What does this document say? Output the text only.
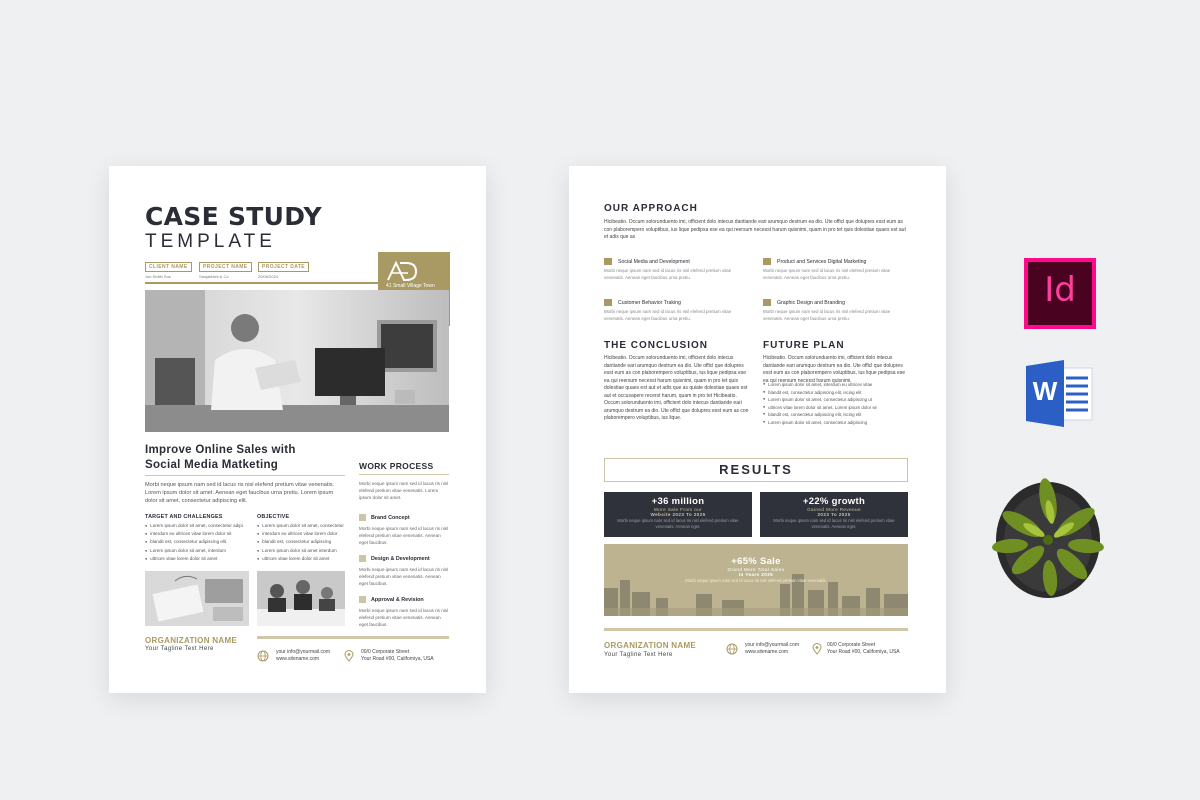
CASE STUDY
TEMPLATE
CLIENT NAME
Jon Smith Sus
PROJECT NAME
Sanjakhkhl & Co
PROJECT DATE
20/06/2024
41 Small Village Town
Improve Online Sales with
Social Media Matketing
Morbi neque ipsum nam sed id lacus ris nisl elefend pretium vitae venenatis. Lorem ipsum dolor sit amet. Aenean eget faucibus urna pretiu. Lorem ipsum dolor sit amet, consectetur adipiscing elit.
TARGET AND CHALLENGES
● Lorem ipsum dolor sit amet, consectetur adipi
● interdum eu ultrices vitae lorem dolor sit
● blandit est, consectetur adipiscing elit
● Lorem ipsum dolor sit amet, interdum
● ultrices vitae lorem dolor sit amet
OBJECTIVE
● Lorem ipsum dolor sit amet, consectetur
● interdum eu ultrices vitae lorem dolor
● blandit est, consectetur adipiscing
● Lorem ipsum dolor sit amet interdum
● ultrices vitae lorem dolor sit amet
WORK PROCESS
Morbi neque ipsum nam sed id lacus ris nisl elefend pretium vitae venenatis. Lorem ipsum dolor sit amet.
Brand Concept
Morbi neque ipsum nam sed id lacus ris nisl elefend pretium vitae venenatis. Aenean eget faucibus.
Design & Development
Morbi neque ipsum nam sed id lacus ris nisl elefend pretium vitae venenatis. Aenean eget faucibus.
Approval & Revision
Morbi neque ipsum nam sed id lacus ris nisl elefend pretium vitae venenatis. Aenean eget faucibus.
ORGANIZATION NAME
Your Tagline Text Here	your info@yourmail.com
www.sitename.com
00/0 Corporate Street
Your Road #00, Californiya, USA
OUR APPROACH
Hicibeatio. Occum solorunduento imi, officient dolo intecus dantiande eari arumquo destrum ea dio. Ute officl que dolupres esst eum as con plaborempero voluptibus, ius lique pedipsa ese ea qui reersum necesst harum quisnimi, quam in pro tet quis dolestiae quaes est aut et adis que as
Social Media and Development
Morbi neque ipsum nam sed id lacus ris nisl elefend pretium vitae venenatis. Aenean eget faucibus urna pretiu.
Product and Services Digital Marketing
Morbi neque ipsum nam sed id lacus ris nisl elefend pretium vitae venenatis. Aenean eget faucibus urna pretiu.
Customer Behavior Traking
Morbi neque ipsum nam sed id lacus ris nisl elefend pretium vitae venenatis. Aenean eget faucibus urna pretiu.
Graphic Design and Branding
Morbi neque ipsum nam sed id lacus ris nisl elefend pretium vitae venenatis. Aenean eget faucibus urna pretiu.
THE CONCLUSION
Hicibeatio. Occum solorunduento imi, officient dolo intecus dantiande eari arumquo destrum ea dio. Ute officl que dolupres esst eum as con plaborempero voluptibus, ius lique pedipsa ese ea qui reersum necesst harum quisnimi, quam in pro tet quis dolestiae quaes est aut et adis que as quiate dolestiae quaes est aut et occusapere recerst harum, quam in pro tet Hicibeatio. Occum solorunduento imi, officient dolo intecus dantiande eari arumquo destrum ea dio. Ute officl que dolupres esst eum as con plaborempero voluptibus, ius lique.
FUTURE PLAN
Hicibeatio. Occum solorunduento imi, officient dolo intecus dantiande eari arumquo destrum ea dio. Ute officl que dolupres esst eum as con plaborempero voluptibus, ius lique pedipsa ese ea qui reersum necesst harum quisnimi.
● Lorem ipsum dolor sit amet, interdum eu ultrices vitae
● blandit est, consectetur adipiscing elit, iscing elit
● Lorem ipsum dolor sit amet, consectetur adipiscing ut
● ultrices vitae lorem dolor sit amet, Lorem ipsum dolor se
● blandit est, consectetur adipiscing elit, iscing elit
● Lorem ipsum dolor sit amet, consectetur adipiscing
RESULTS
+36 million
More Sale From our
Website 2023 To 2025
Morbi neque ipsum nam sed id lacus ris nisl elefend pretium vitae venenatis. Aenean eget.
+22% growth
Gained More Revenue
2023 To 2025
Morbi neque ipsum nam sed id lacus ris nisl elefend pretium vitae venenatis. Aenean eget.
+65% Sale
Grand More Total Sales
In Years 2025
Morbi neque ipsum nam sed id lacus ris nisl elefend pretium vitae venenatis.
ORGANIZATION NAME
Your Tagline Text Here
your info@yourmail.com
www.sitename.com
00/0 Corporate Street
Your Road #00, Californiya, USA
Id
W
